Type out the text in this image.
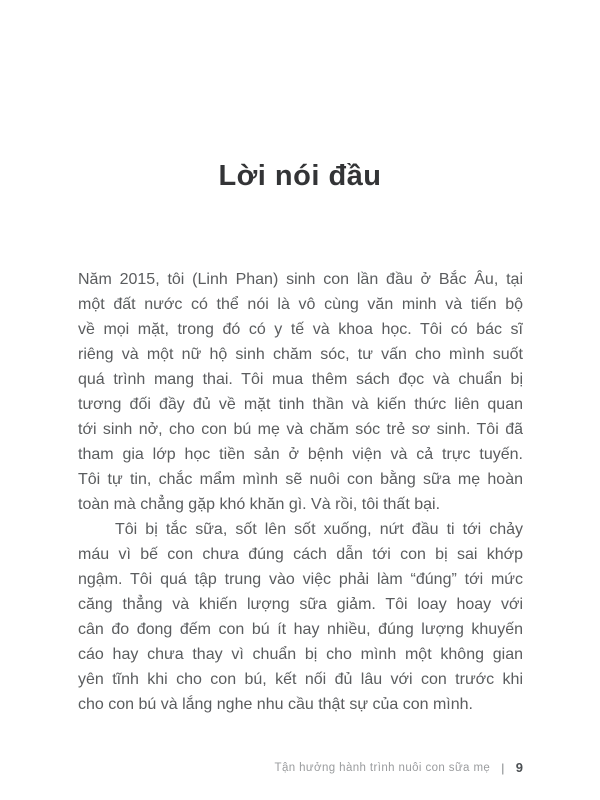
Lời nói đầu
Năm 2015, tôi (Linh Phan) sinh con lần đầu ở Bắc Âu, tại
một đất nước có thể nói là vô cùng văn minh và tiến bộ
về mọi mặt, trong đó có y tế và khoa học. Tôi có bác sĩ
riêng và một nữ hộ sinh chăm sóc, tư vấn cho mình suốt
quá trình mang thai. Tôi mua thêm sách đọc và chuẩn bị
tương đối đầy đủ về mặt tinh thần và kiến thức liên quan
tới sinh nở, cho con bú mẹ và chăm sóc trẻ sơ sinh. Tôi đã
tham gia lớp học tiền sản ở bệnh viện và cả trực tuyến.
Tôi tự tin, chắc mẩm mình sẽ nuôi con bằng sữa mẹ hoàn
toàn mà chẳng gặp khó khăn gì. Và rồi, tôi thất bại.
Tôi bị tắc sữa, sốt lên sốt xuống, nứt đầu ti tới chảy
máu vì bế con chưa đúng cách dẫn tới con bị sai khớp
ngậm. Tôi quá tập trung vào việc phải làm “đúng” tới mức
căng thẳng và khiến lượng sữa giảm. Tôi loay hoay với
cân đo đong đếm con bú ít hay nhiều, đúng lượng khuyến
cáo hay chưa thay vì chuẩn bị cho mình một không gian
yên tĩnh khi cho con bú, kết nối đủ lâu với con trước khi
cho con bú và lắng nghe nhu cầu thật sự của con mình.
Tận hưởng hành trình nuôi con sữa mẹ | 9
